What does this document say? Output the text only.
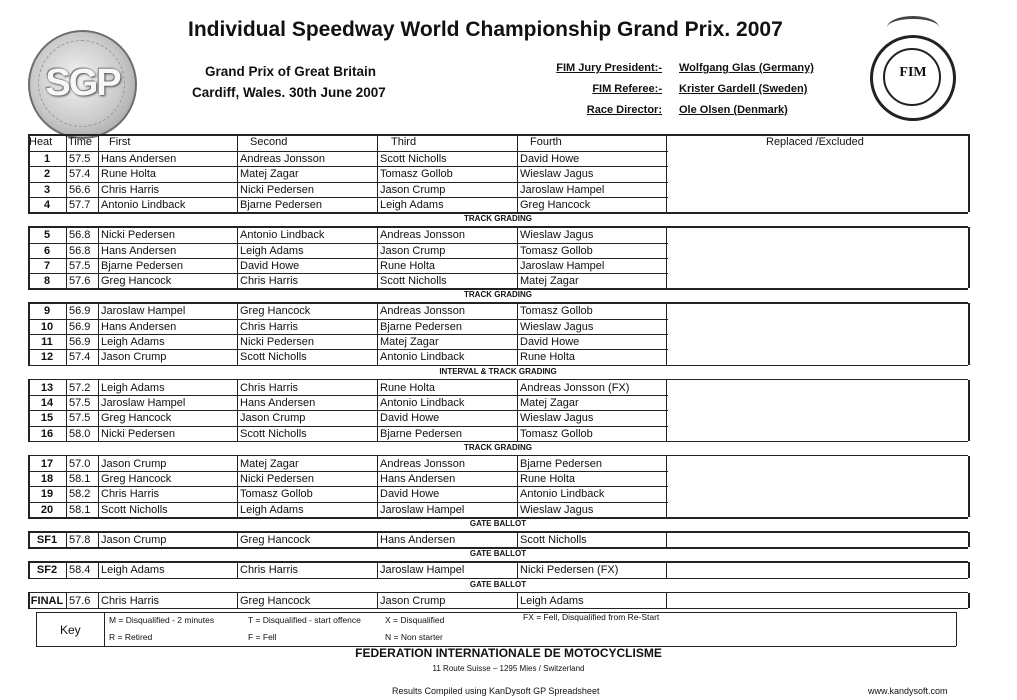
SGP
Individual Speedway World Championship Grand Prix. 2007
Grand Prix of Great Britain
Cardiff, Wales. 30th June 2007
FIM Jury President:- Wolfgang Glas (Germany)
FIM Referee:- Krister Gardell (Sweden)
Race Director: Ole Olsen (Denmark)
FIM
Heat Time First	Second	Third	Fourth	Replaced /Excluded
1	57.5 Hans Andersen	Andreas Jonsson	Scott Nicholls	David Howe
2	57.4 Rune Holta	Matej Zagar	Tomasz Gollob	Wieslaw Jagus
3	56.6 Chris Harris	Nicki Pedersen	Jason Crump	Jaroslaw Hampel
4	57.7 Antonio Lindback	Bjarne Pedersen	Leigh Adams	Greg Hancock
TRACK GRADING
5	56.8 Nicki Pedersen	Antonio Lindback	Andreas Jonsson	Wieslaw Jagus
6	56.8 Hans Andersen	Leigh Adams	Jason Crump	Tomasz Gollob
7	57.5 Bjarne Pedersen	David Howe	Rune Holta	Jaroslaw Hampel
8	57.6 Greg Hancock	Chris Harris	Scott Nicholls	Matej Zagar
TRACK GRADING
9	56.9 Jaroslaw Hampel	Greg Hancock	Andreas Jonsson	Tomasz Gollob
10	56.9 Hans Andersen	Chris Harris	Bjarne Pedersen	Wieslaw Jagus
11	56.9 Leigh Adams	Nicki Pedersen	Matej Zagar	David Howe
12	57.4 Jason Crump	Scott Nicholls	Antonio Lindback	Rune Holta
INTERVAL & TRACK GRADING
13	57.2 Leigh Adams	Chris Harris	Rune Holta	Andreas Jonsson (FX)
14	57.5 Jaroslaw Hampel	Hans Andersen	Antonio Lindback	Matej Zagar
15	57.5 Greg Hancock	Jason Crump	David Howe	Wieslaw Jagus
16	58.0 Nicki Pedersen	Scott Nicholls	Bjarne Pedersen	Tomasz Gollob
TRACK GRADING
17	57.0 Jason Crump	Matej Zagar	Andreas Jonsson	Bjarne Pedersen
18	58.1 Greg Hancock	Nicki Pedersen	Hans Andersen	Rune Holta
19	58.2 Chris Harris	Tomasz Gollob	David Howe	Antonio Lindback
20	58.1 Scott Nicholls	Leigh Adams	Jaroslaw Hampel	Wieslaw Jagus
GATE BALLOT
SF1	57.8 Jason Crump	Greg Hancock	Hans Andersen	Scott Nicholls
GATE BALLOT
SF2	58.4 Leigh Adams	Chris Harris	Jaroslaw Hampel	Nicki Pedersen (FX)
GATE BALLOT
FINAL 57.6 Chris Harris	Greg Hancock	Jason Crump	Leigh Adams
Key
M = Disqualified - 2 minutes	T = Disqualified - start offence	X = Disqualified	FX = Fell, Disqualified from Re-Start
R = Retired	F = Fell	N = Non starter
FEDERATION INTERNATIONALE DE MOTOCYCLISME
11 Route Suisse – 1295 Mies / Switzerland
Results Compiled using KanDysoft GP Spreadsheet	www.kandysoft.com
